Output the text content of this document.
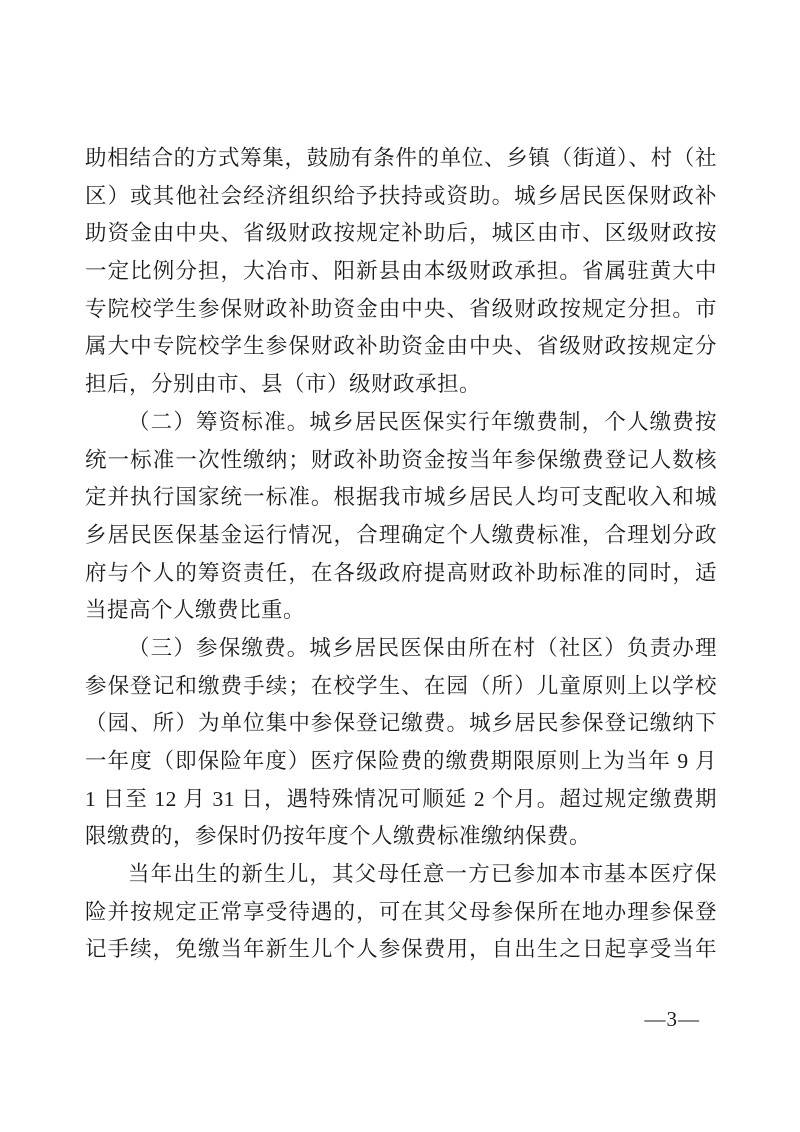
助相结合的方式筹集，鼓励有条件的单位、乡镇（街道）、村（社
区）或其他社会经济组织给予扶持或资助。城乡居民医保财政补
助资金由中央、省级财政按规定补助后，城区由市、区级财政按
一定比例分担，大冶市、阳新县由本级财政承担。省属驻黄大中
专院校学生参保财政补助资金由中央、省级财政按规定分担。市
属大中专院校学生参保财政补助资金由中央、省级财政按规定分
担后，分别由市、县（市）级财政承担。
（二）筹资标准。城乡居民医保实行年缴费制，个人缴费按
统一标准一次性缴纳；财政补助资金按当年参保缴费登记人数核
定并执行国家统一标准。根据我市城乡居民人均可支配收入和城
乡居民医保基金运行情况，合理确定个人缴费标准，合理划分政
府与个人的筹资责任，在各级政府提高财政补助标准的同时，适
当提高个人缴费比重。
（三）参保缴费。城乡居民医保由所在村（社区）负责办理
参保登记和缴费手续；在校学生、在园（所）儿童原则上以学校
（园、所）为单位集中参保登记缴费。城乡居民参保登记缴纳下
一年度（即保险年度）医疗保险费的缴费期限原则上为当年 9 月
1 日至 12 月 31 日，遇特殊情况可顺延 2 个月。超过规定缴费期
限缴费的，参保时仍按年度个人缴费标准缴纳保费。
当年出生的新生儿，其父母任意一方已参加本市基本医疗保
险并按规定正常享受待遇的，可在其父母参保所在地办理参保登
记手续，免缴当年新生儿个人参保费用，自出生之日起享受当年
—3—
